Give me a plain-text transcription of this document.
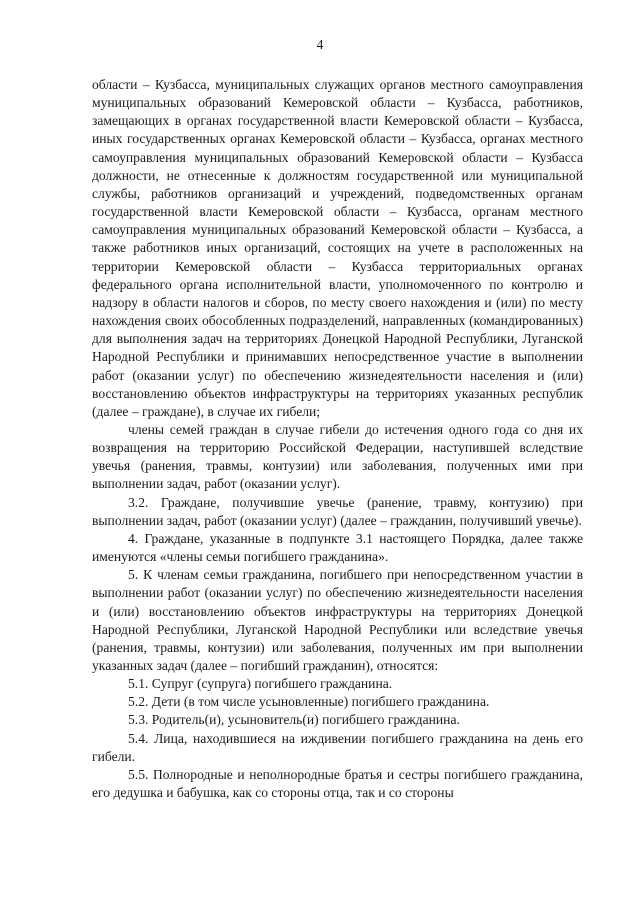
4

области – Кузбасса, муниципальных служащих органов местного самоуправления муниципальных образований Кемеровской области – Кузбасса, работников, замещающих в органах государственной власти Кемеровской области – Кузбасса, иных государственных органах Кемеровской области – Кузбасса, органах местного самоуправления муниципальных образований Кемеровской области – Кузбасса должности, не отнесенные к должностям государственной или муниципальной службы, работников организаций и учреждений, подведомственных органам государственной власти Кемеровской области – Кузбасса, органам местного самоуправления муниципальных образований Кемеровской области – Кузбасса, а также работников иных организаций, состоящих на учете в расположенных на территории Кемеровской области – Кузбасса территориальных органах федерального органа исполнительной власти, уполномоченного по контролю и надзору в области налогов и сборов, по месту своего нахождения и (или) по месту нахождения своих обособленных подразделений, направленных (командированных) для выполнения задач на территориях Донецкой Народной Республики, Луганской Народной Республики и принимавших непосредственное участие в выполнении работ (оказании услуг) по обеспечению жизнедеятельности населения и (или) восстановлению объектов инфраструктуры на территориях указанных республик (далее – граждане), в случае их гибели;

члены семей граждан в случае гибели до истечения одного года со дня их возвращения на территорию Российской Федерации, наступившей вследствие увечья (ранения, травмы, контузии) или заболевания, полученных ими при выполнении задач, работ (оказании услуг).

3.2. Граждане, получившие увечье (ранение, травму, контузию) при выполнении задач, работ (оказании услуг) (далее – гражданин, получивший увечье).

4. Граждане, указанные в подпункте 3.1 настоящего Порядка, далее также именуются «члены семьи погибшего гражданина».

5. К членам семьи гражданина, погибшего при непосредственном участии в выполнении работ (оказании услуг) по обеспечению жизнедеятельности населения и (или) восстановлению объектов инфраструктуры на территориях Донецкой Народной Республики, Луганской Народной Республики или вследствие увечья (ранения, травмы, контузии) или заболевания, полученных им при выполнении указанных задач (далее – погибший гражданин), относятся:

5.1. Супруг (супруга) погибшего гражданина.

5.2. Дети (в том числе усыновленные) погибшего гражданина.

5.3. Родитель(и), усыновитель(и) погибшего гражданина.

5.4. Лица, находившиеся на иждивении погибшего гражданина на день его гибели.

5.5. Полнородные и неполнородные братья и сестры погибшего гражданина, его дедушка и бабушка, как со стороны отца, так и со стороны
